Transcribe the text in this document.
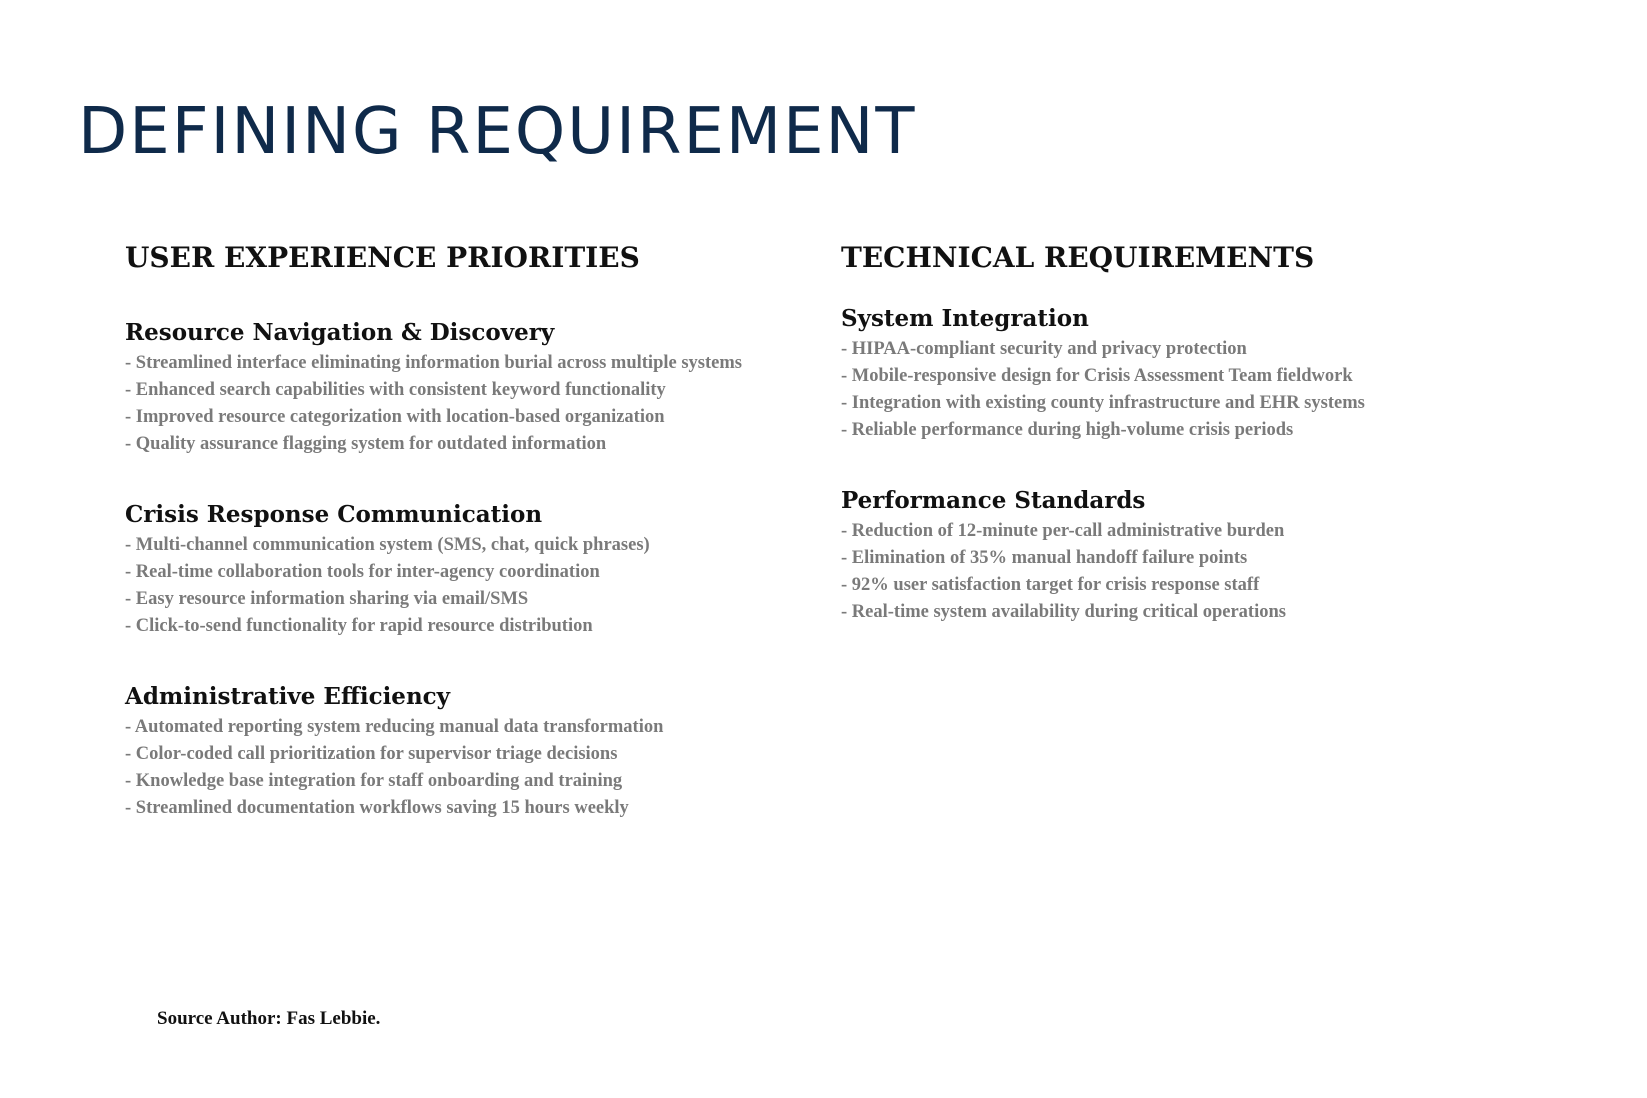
DEFINING REQUIREMENT
USER EXPERIENCE PRIORITIES
Resource Navigation & Discovery
- Streamlined interface eliminating information burial across multiple systems
- Enhanced search capabilities with consistent keyword functionality
- Improved resource categorization with location-based organization
- Quality assurance flagging system for outdated information
Crisis Response Communication
- Multi-channel communication system (SMS, chat, quick phrases)
- Real-time collaboration tools for inter-agency coordination
- Easy resource information sharing via email/SMS
- Click-to-send functionality for rapid resource distribution
Administrative Efficiency
- Automated reporting system reducing manual data transformation
- Color-coded call prioritization for supervisor triage decisions
- Knowledge base integration for staff onboarding and training
- Streamlined documentation workflows saving 15 hours weekly
TECHNICAL REQUIREMENTS
System Integration
- HIPAA-compliant security and privacy protection
- Mobile-responsive design for Crisis Assessment Team fieldwork
- Integration with existing county infrastructure and EHR systems
- Reliable performance during high-volume crisis periods
Performance Standards
- Reduction of 12-minute per-call administrative burden
- Elimination of 35% manual handoff failure points
- 92% user satisfaction target for crisis response staff
- Real-time system availability during critical operations
Source Author: Fas Lebbie.
